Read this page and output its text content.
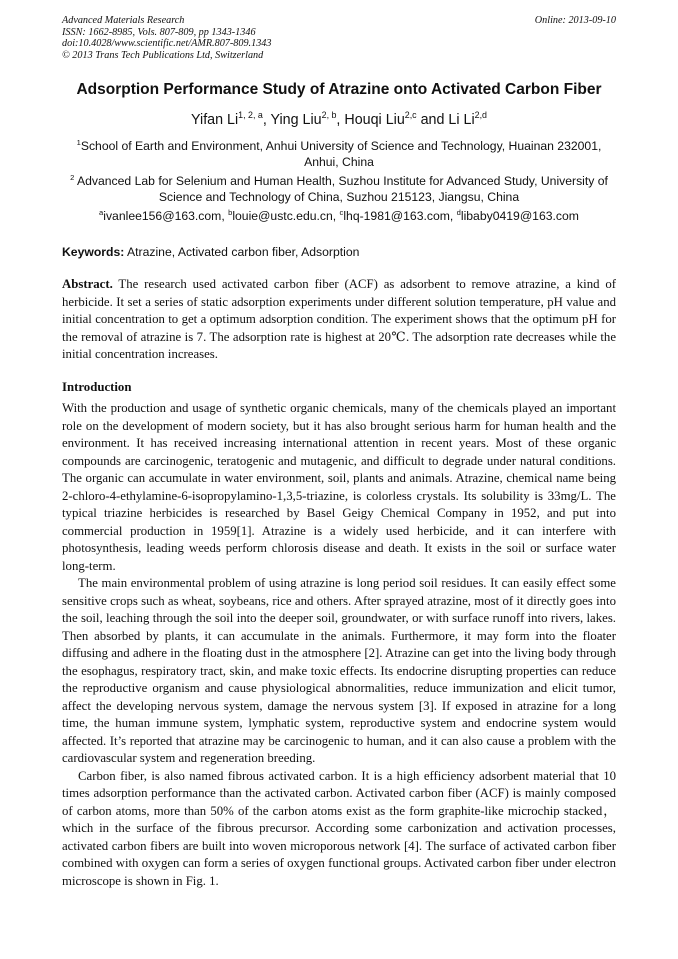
Advanced Materials Research
ISSN: 1662-8985, Vols. 807-809, pp 1343-1346
doi:10.4028/www.scientific.net/AMR.807-809.1343
© 2013 Trans Tech Publications Ltd, Switzerland
Online: 2013-09-10
Adsorption Performance Study of Atrazine onto Activated Carbon Fiber
Yifan Li$^{1, 2, a}$, Ying Liu$^{2, b}$, Houqi Liu$^{2,c}$ and Li Li$^{2,d}$
$^1$School of Earth and Environment, Anhui University of Science and Technology, Huainan 232001, Anhui, China
$^2$ Advanced Lab for Selenium and Human Health, Suzhou Institute for Advanced Study, University of Science and Technology of China, Suzhou 215123, Jiangsu, China
$^a$ivanlee156@163.com, $^b$louie@ustc.edu.cn, $^c$lhq-1981@163.com, $^d$libaby0419@163.com
Keywords: Atrazine, Activated carbon fiber, Adsorption
Abstract. The research used activated carbon fiber (ACF) as adsorbent to remove atrazine, a kind of herbicide. It set a series of static adsorption experiments under different solution temperature, pH value and initial concentration to get a optimum adsorption condition. The experiment shows that the optimum pH for the removal of atrazine is 7. The adsorption rate is highest at 20℃. The adsorption rate decreases while the initial concentration increases.
Introduction

With the production and usage of synthetic organic chemicals, many of the chemicals played an important role on the development of modern society, but it has also brought serious harm for human health and the environment. It has received increasing international attention in recent years. Most of these organic compounds are carcinogenic, teratogenic and mutagenic, and difficult to degrade under natural conditions. The organic can accumulate in water environment, soil, plants and animals. Atrazine, chemical name being 2-chloro-4-ethylamine-6-isopropylamino-1,3,5-triazine, is colorless crystals. Its solubility is 33mg/L. The typical triazine herbicides is researched by Basel Geigy Chemical Company in 1952, and put into commercial production in 1959[1]. Atrazine is a widely used herbicide, and it can interfere with photosynthesis, leading weeds perform chlorosis disease and death. It exists in the soil or surface water long-term.

The main environmental problem of using atrazine is long period soil residues. It can easily effect some sensitive crops such as wheat, soybeans, rice and others. After sprayed atrazine, most of it directly goes into the soil, leaching through the soil into the deeper soil, groundwater, or with surface runoff into rivers, lakes. Then absorbed by plants, it can accumulate in the animals. Furthermore, it may form into the floater diffusing and adhere in the floating dust in the atmosphere [2]. Atrazine can get into the living body through the esophagus, respiratory tract, skin, and make toxic effects. Its endocrine disrupting properties can reduce the reproductive organism and cause physiological abnormalities, reduce immunization and elicit tumor, affect the developing nervous system, damage the nervous system [3]. If exposed in atrazine for a long time, the human immune system, lymphatic system, reproductive system and endocrine system would affected. It’s reported that atrazine may be carcinogenic to human, and it can also cause a problem with the cardiovascular system and regeneration breeding.

Carbon fiber, is also named fibrous activated carbon. It is a high efficiency adsorbent material that 10 times adsorption performance than the activated carbon. Activated carbon fiber (ACF) is mainly composed of carbon atoms, more than 50% of the carbon atoms exist as the form graphite-like microchip stacked，which in the surface of the fibrous precursor. According some carbonization and activation processes, activated carbon fibers are built into woven microporous network [4]. The surface of activated carbon fiber combined with oxygen can form a series of oxygen functional groups. Activated carbon fiber under electron microscope is shown in Fig. 1.
